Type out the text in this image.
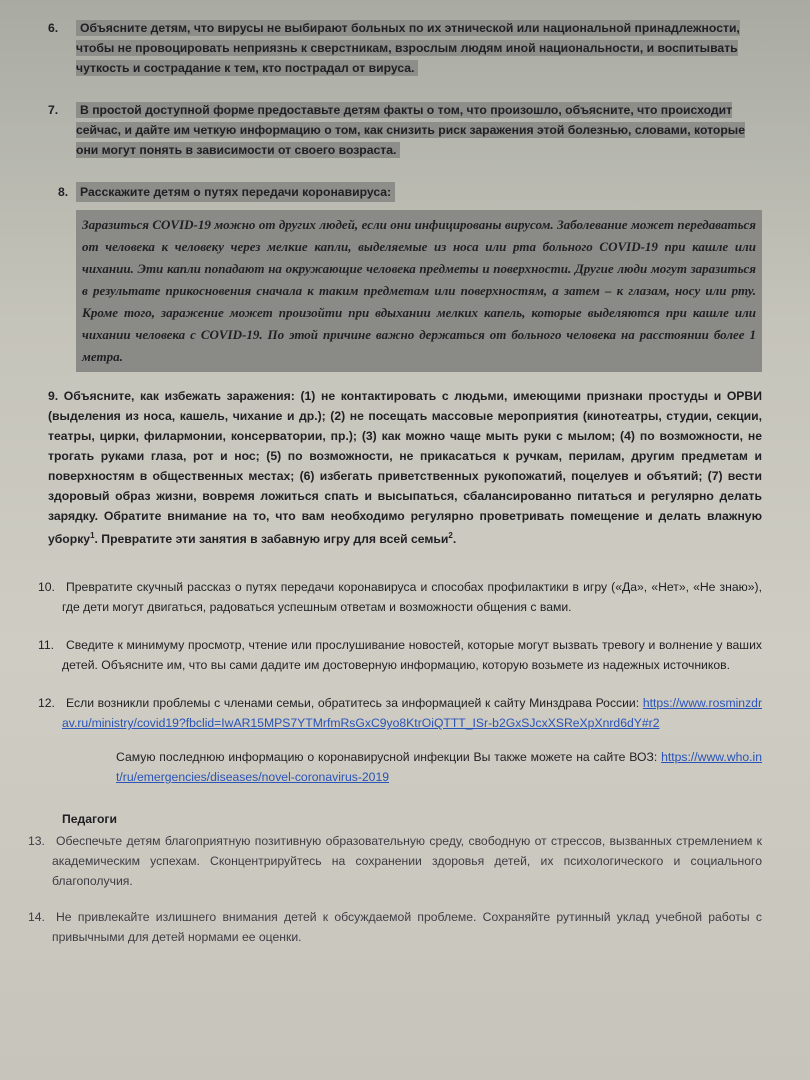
6. Объясните детям, что вирусы не выбирают больных по их этнической или национальной принадлежности, чтобы не провоцировать неприязнь к сверстникам, взрослым людям иной национальности, и воспитывать чуткость и сострадание к тем, кто пострадал от вируса.
7. В простой доступной форме предоставьте детям факты о том, что произошло, объясните, что происходит сейчас, и дайте им четкую информацию о том, как снизить риск заражения этой болезнью, словами, которые они могут понять в зависимости от своего возраста.
8. Расскажите детям о путях передачи коронавируса:
Заразиться COVID-19 можно от других людей, если они инфицированы вирусом. Заболевание может передаваться от человека к человеку через мелкие капли, выделяемые из носа или рта больного COVID-19 при кашле или чихании. Эти капли попадают на окружающие человека предметы и поверхности. Другие люди могут заразиться в результате прикосновения сначала к таким предметам или поверхностям, а затем – к глазам, носу или рту. Кроме того, заражение может произойти при вдыхании мелких капель, которые выделяются при кашле или чихании человека с COVID-19. По этой причине важно держаться от больного человека на расстоянии более 1 метра.
9. Объясните, как избежать заражения: (1) не контактировать с людьми, имеющими признаки простуды и ОРВИ (выделения из носа, кашель, чихание и др.); (2) не посещать массовые мероприятия (кинотеатры, студии, секции, театры, цирки, филармонии, консерватории, пр.); (3) как можно чаще мыть руки с мылом; (4) по возможности, не трогать руками глаза, рот и нос; (5) по возможности, не прикасаться к ручкам, перилам, другим предметам и поверхностям в общественных местах; (6) избегать приветственных рукопожатий, поцелуев и объятий; (7) вести здоровый образ жизни, вовремя ложиться спать и высыпаться, сбалансированно питаться и регулярно делать зарядку. Обратите внимание на то, что вам необходимо регулярно проветривать помещение и делать влажную уборку$^1$. Превратите эти занятия в забавную игру для всей семьи$^2$.
10. Превратите скучный рассказ о путях передачи коронавируса и способах профилактики в игру («Да», «Нет», «Не знаю»), где дети могут двигаться, радоваться успешным ответам и возможности общения с вами.
11. Сведите к минимуму просмотр, чтение или прослушивание новостей, которые могут вызвать тревогу и волнение у ваших детей. Объясните им, что вы сами дадите им достоверную информацию, которую возьмете из надежных источников.
12. Если возникли проблемы с членами семьи, обратитесь за информацией к сайту Минздрава России: https://www.rosminzdrav.ru/ministry/covid19?fbclid=IwAR15MPS7YTMrfmRsGxC9yo8KtrOiQTTT_ISr-b2GxSJcxXSReXpXnrd6dY#r2
Самую последнюю информацию о коронавирусной инфекции Вы также можете на сайте ВОЗ: https://www.who.int/ru/emergencies/diseases/novel-coronavirus-2019
Педагоги
13. Обеспечьте детям благоприятную позитивную образовательную среду, свободную от стрессов, вызванных стремлением к академическим успехам. Сконцентрируйтесь на сохранении здоровья детей, их психологического и социального благополучия.
14. Не привлекайте излишнего внимания детей к обсуждаемой проблеме. Сохраняйте рутинный уклад учебной работы с привычными для детей нормами ее оценки.
